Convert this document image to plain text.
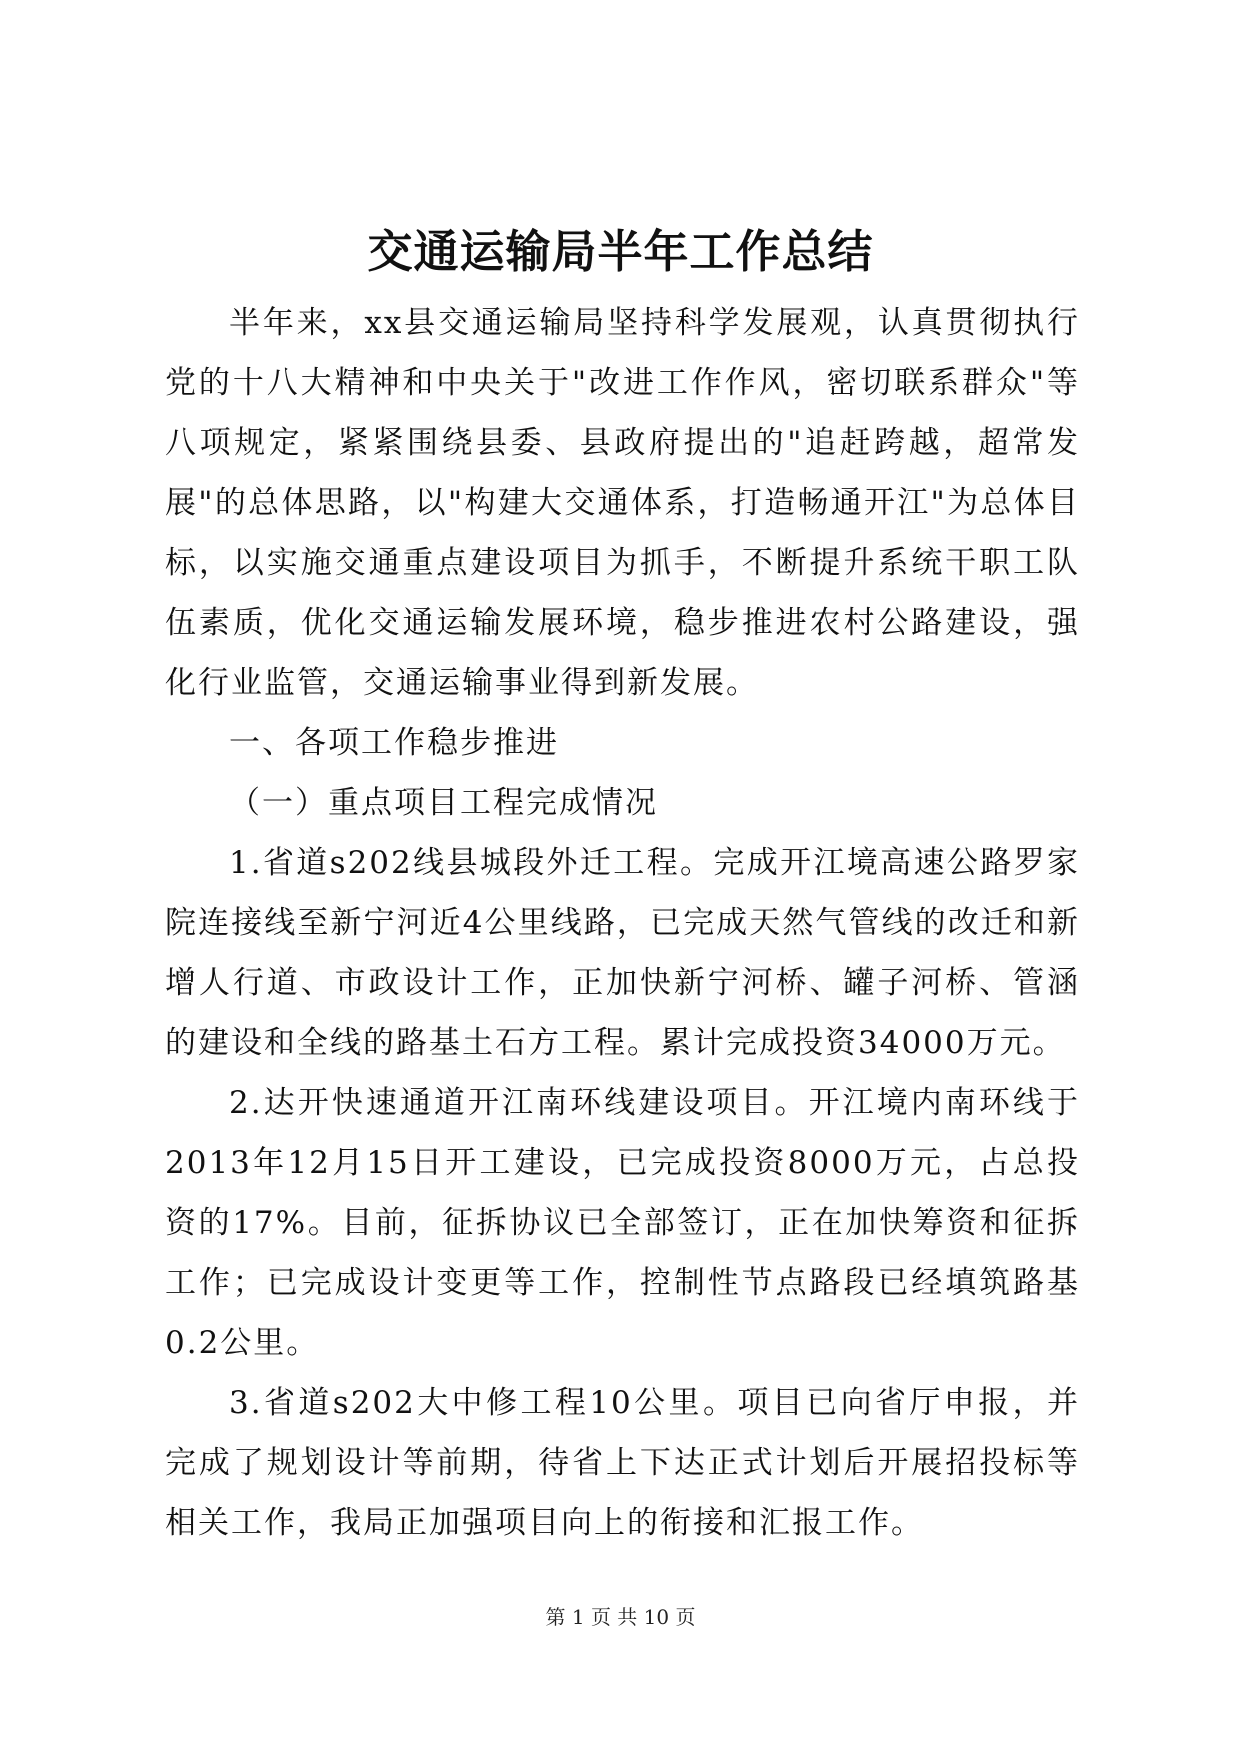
交通运输局半年工作总结

半年来，xx县交通运输局坚持科学发展观，认真贯彻执行党的十八大精神和中央关于"改进工作作风，密切联系群众"等八项规定，紧紧围绕县委、县政府提出的"追赶跨越，超常发展"的总体思路，以"构建大交通体系，打造畅通开江"为总体目标，以实施交通重点建设项目为抓手，不断提升系统干职工队伍素质，优化交通运输发展环境，稳步推进农村公路建设，强化行业监管，交通运输事业得到新发展。

一、各项工作稳步推进

（一）重点项目工程完成情况

1.省道s202线县城段外迁工程。完成开江境高速公路罗家院连接线至新宁河近4公里线路，已完成天然气管线的改迁和新增人行道、市政设计工作，正加快新宁河桥、罐子河桥、管涵的建设和全线的路基土石方工程。累计完成投资34000万元。

2.达开快速通道开江南环线建设项目。开江境内南环线于2013年12月15日开工建设，已完成投资8000万元，占总投资的17%。目前，征拆协议已全部签订，正在加快筹资和征拆工作；已完成设计变更等工作，控制性节点路段已经填筑路基0.2公里。

3.省道s202大中修工程10公里。项目已向省厅申报，并完成了规划设计等前期，待省上下达正式计划后开展招投标等相关工作，我局正加强项目向上的衔接和汇报工作。

第 1 页 共 10 页
